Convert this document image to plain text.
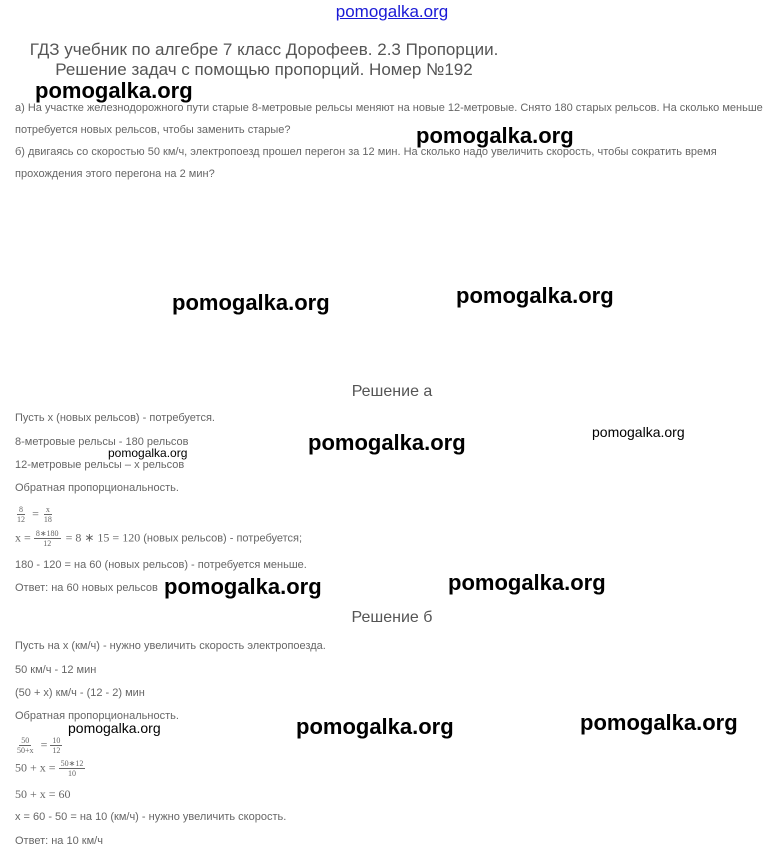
pomogalka.org
ГДЗ учебник по алгебре 7 класс Дорофеев. 2.3 Пропорции.
Решение задач с помощью пропорций. Номер №192
pomogalka.org
а) На участке железнодорожного пути старые 8-метровые рельсы меняют на новые 12-метровые. Снято 180 старых рельсов. На сколько меньше
потребуется новых рельсов, чтобы заменить старые?	pomogalka.org
б) двигаясь со скоростью 50 км/ч, электропоезд прошел перегон за 12 мин. На сколько надо увеличить скорость, чтобы сократить время
прохождения этого перегона на 2 мин?
pomogalka.org	pomogalka.org
Решение а
Пусть x (новых рельсов) - потребуется.
8-метровые рельсы - 180 рельсов
12-метровые рельсы – x рельсов
pomogalka.org	pomogalka.org
pomogalka.org
Обратная пропорциональность.
$\frac{8}{12} = \frac{x}{18}$
$x = \frac{8∗180}{12} = 8$ ∗ 15 = 120 (новых рельсов) - потребуется;
180 - 120 = на 60 (новых рельсов) - потребуется меньше.
Ответ: на 60 новых рельсов pomogalka.org	pomogalka.org
Решение б
Пусть на x (км/ч) - нужно увеличить скорость электропоезда.
50 км/ч - 12 мин
(50 + x) км/ч - (12 - 2) мин
Обратная пропорциональность.
pomogalka.org	pomogalka.org	pomogalka.org
$\frac{50}{50+x} = \frac{10}{12}$
$50 + x = \frac{50∗12}{10}$
50 + x = 60
x = 60 - 50 = на 10 (км/ч) - нужно увеличить скорость.
Ответ: на 10 км/ч
